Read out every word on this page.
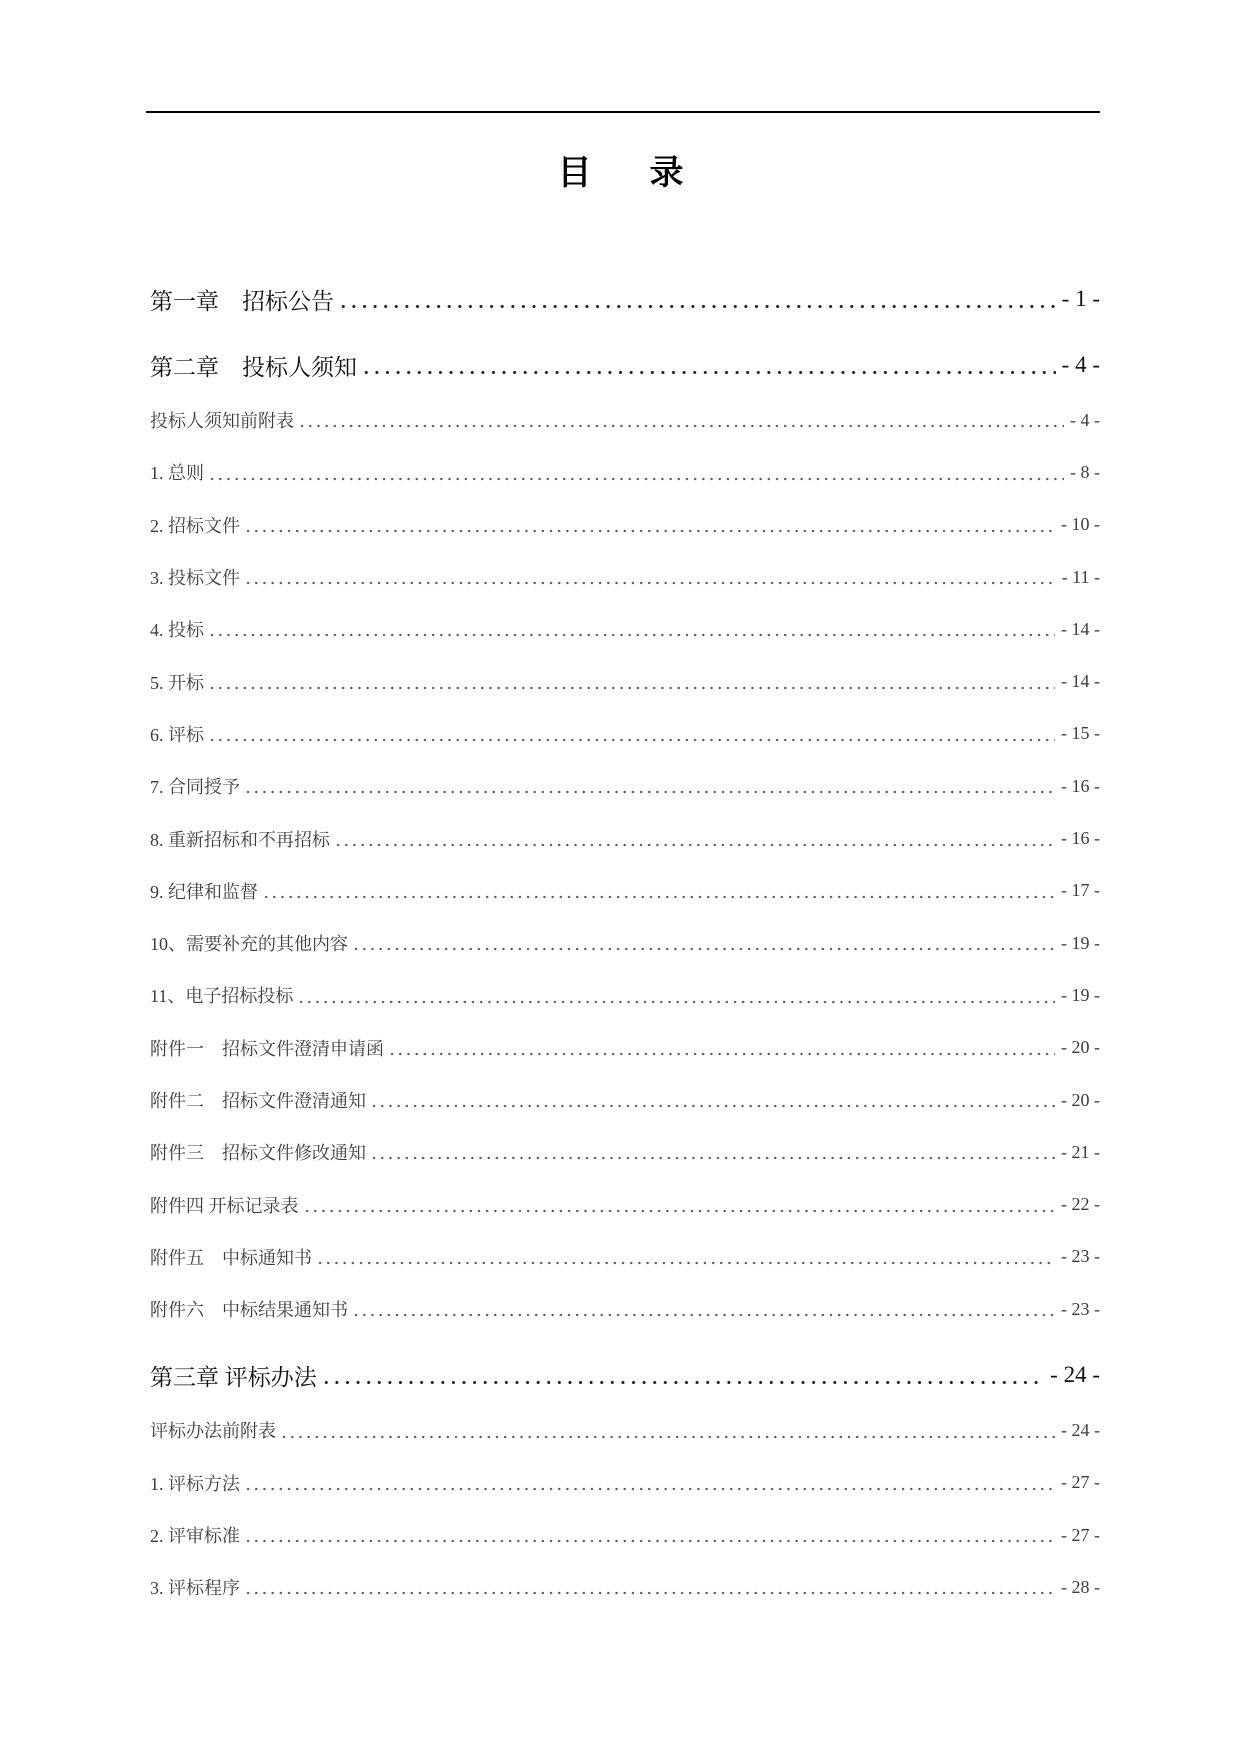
目　录
第一章　招标公告	- 1 -
第二章　投标人须知	- 4 -
投标人须知前附表	- 4 -
1. 总则	- 8 -
2. 招标文件	- 10 -
3. 投标文件	- 11 -
4. 投标	- 14 -
5. 开标	- 14 -
6. 评标	- 15 -
7. 合同授予	- 16 -
8. 重新招标和不再招标	- 16 -
9. 纪律和监督	- 17 -
10、需要补充的其他内容	- 19 -
11、电子招标投标	- 19 -
附件一　招标文件澄清申请函	- 20 -
附件二　招标文件澄清通知	- 20 -
附件三　招标文件修改通知	- 21 -
附件四 开标记录表	- 22 -
附件五　中标通知书	- 23 -
附件六　中标结果通知书	- 23 -
第三章 评标办法	- 24 -
评标办法前附表	- 24 -
1. 评标方法	- 27 -
2. 评审标准	- 27 -
3. 评标程序	- 28 -
